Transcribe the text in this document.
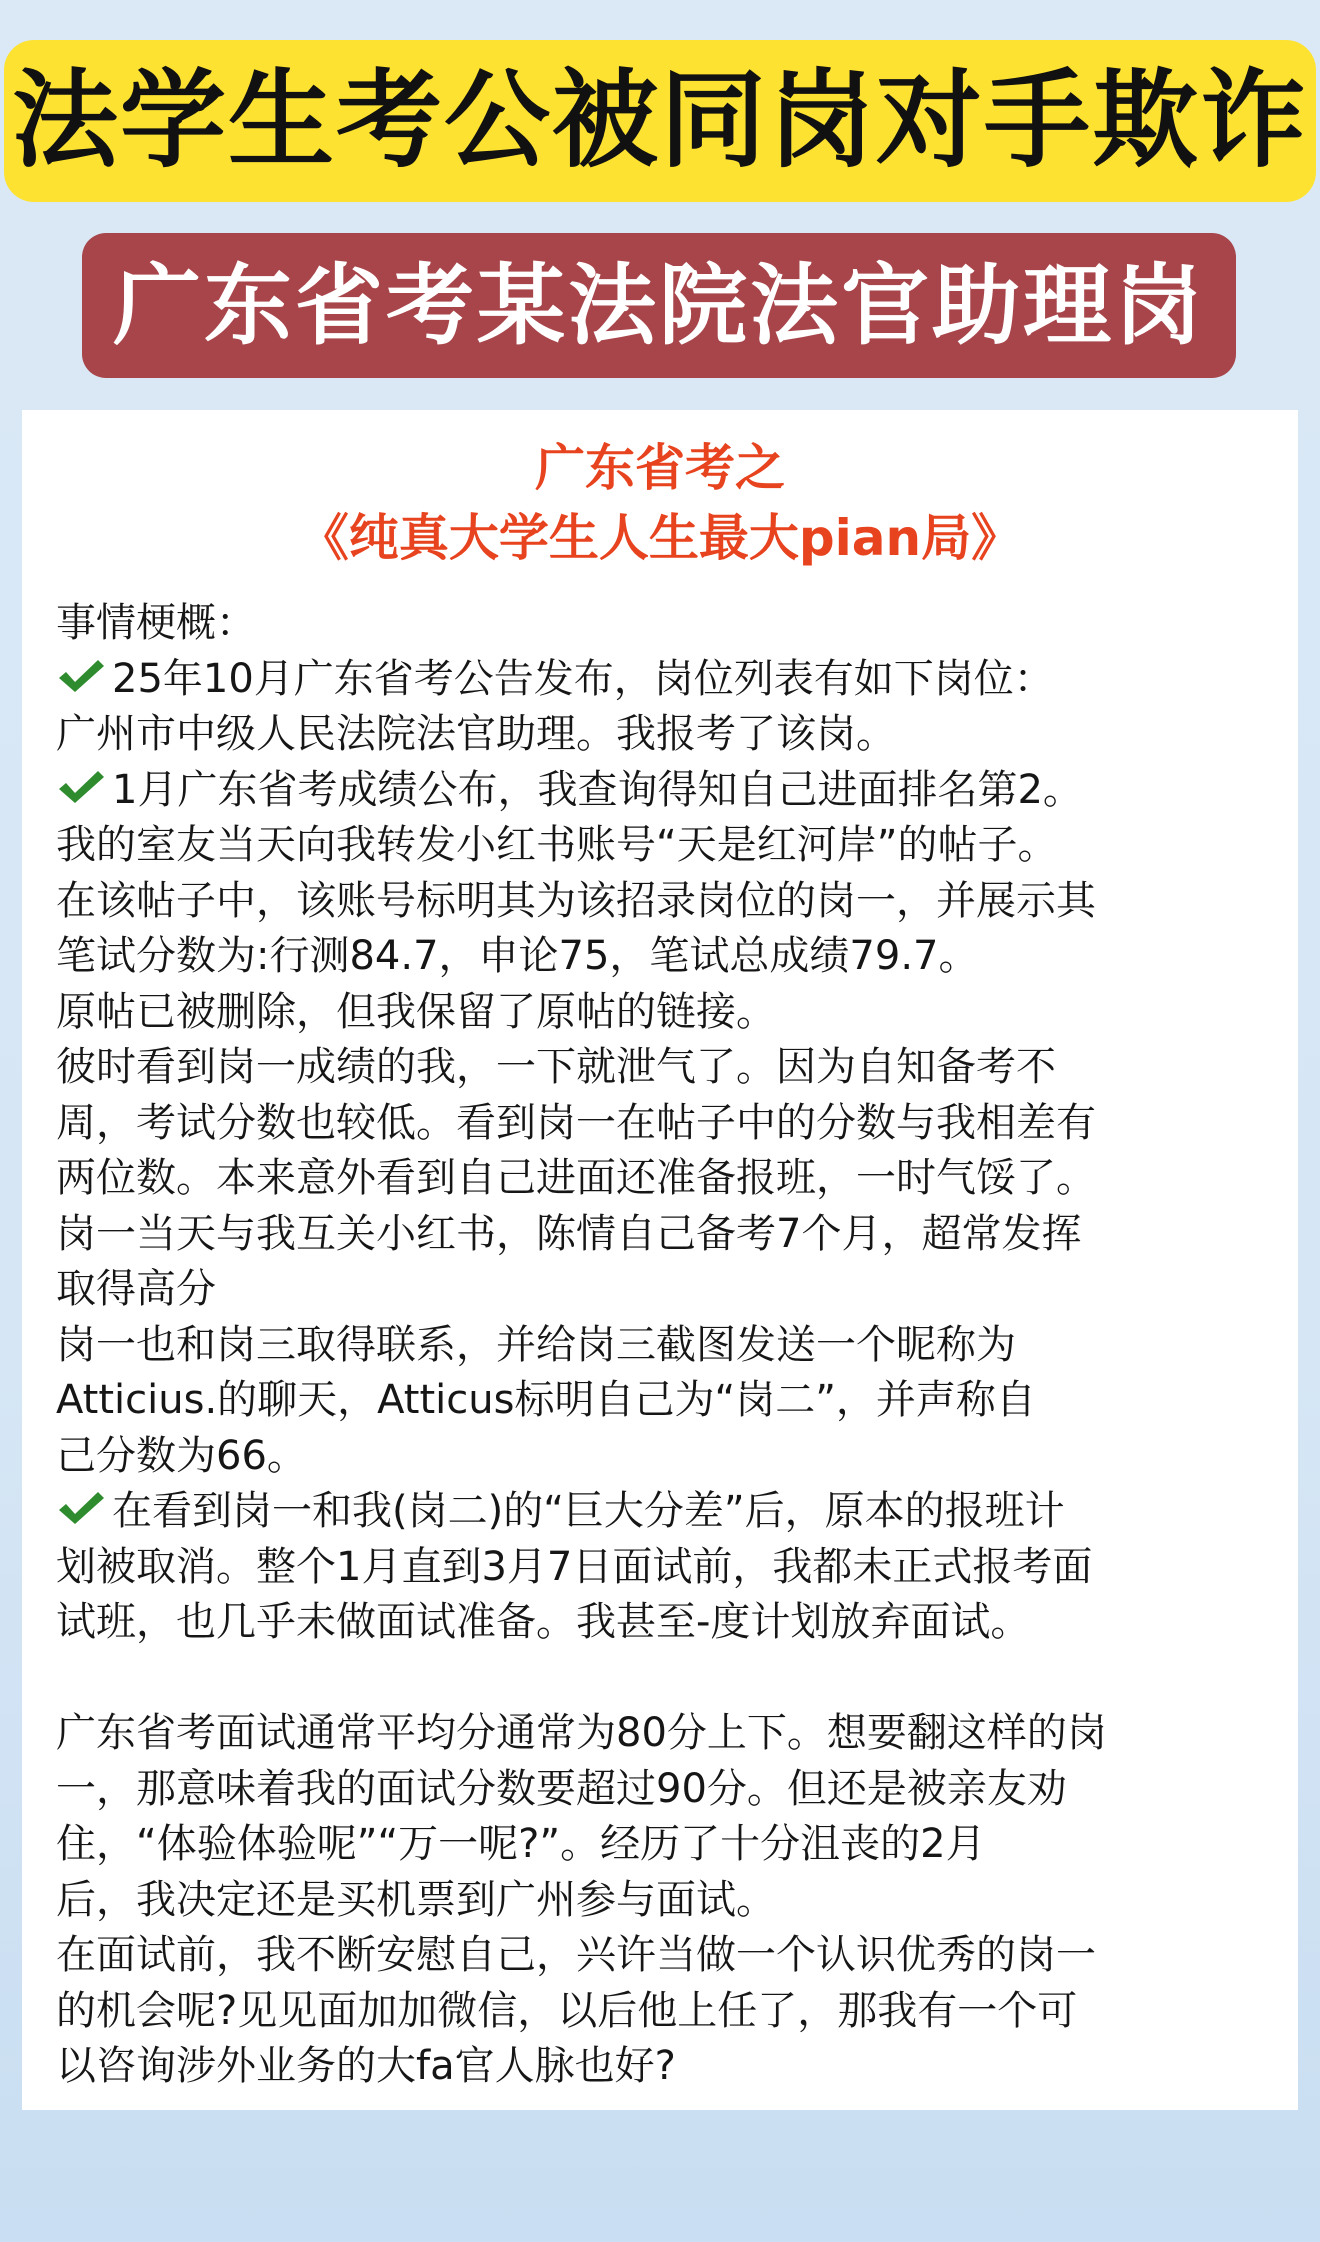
法学生考公被同岗对手欺诈
广东省考某法院法官助理岗
广东省考之
《纯真大学生人生最大pian局》
事情梗概：
25年10月广东省考公告发布，岗位列表有如下岗位：
广州市中级人民法院法官助理。我报考了该岗。
1月广东省考成绩公布，我查询得知自己进面排名第2。
我的室友当天向我转发小红书账号“天是红河岸”的帖子。
在该帖子中，该账号标明其为该招录岗位的岗一，并展示其
笔试分数为:行测84.7，申论75，笔试总成绩79.7。
原帖已被删除，但我保留了原帖的链接。
彼时看到岗一成绩的我，一下就泄气了。因为自知备考不
周，考试分数也较低。看到岗一在帖子中的分数与我相差有
两位数。本来意外看到自己进面还准备报班，一时气馁了。
岗一当天与我互关小红书，陈情自己备考7个月，超常发挥
取得高分
岗一也和岗三取得联系，并给岗三截图发送一个昵称为
Atticius.的聊天，Atticus标明自己为“岗二”，并声称自
己分数为66。
在看到岗一和我(岗二)的“巨大分差”后，原本的报班计
划被取消。整个1月直到3月7日面试前，我都未正式报考面
试班，也几乎未做面试准备。我甚至-度计划放弃面试。
广东省考面试通常平均分通常为80分上下。想要翻这样的岗
一，那意味着我的面试分数要超过90分。但还是被亲友劝
住，“体验体验呢”“万一呢?”。经历了十分沮丧的2月
后，我决定还是买机票到广州参与面试。
在面试前，我不断安慰自己，兴许当做一个认识优秀的岗一
的机会呢?见见面加加微信，以后他上任了，那我有一个可
以咨询涉外业务的大fa官人脉也好?
